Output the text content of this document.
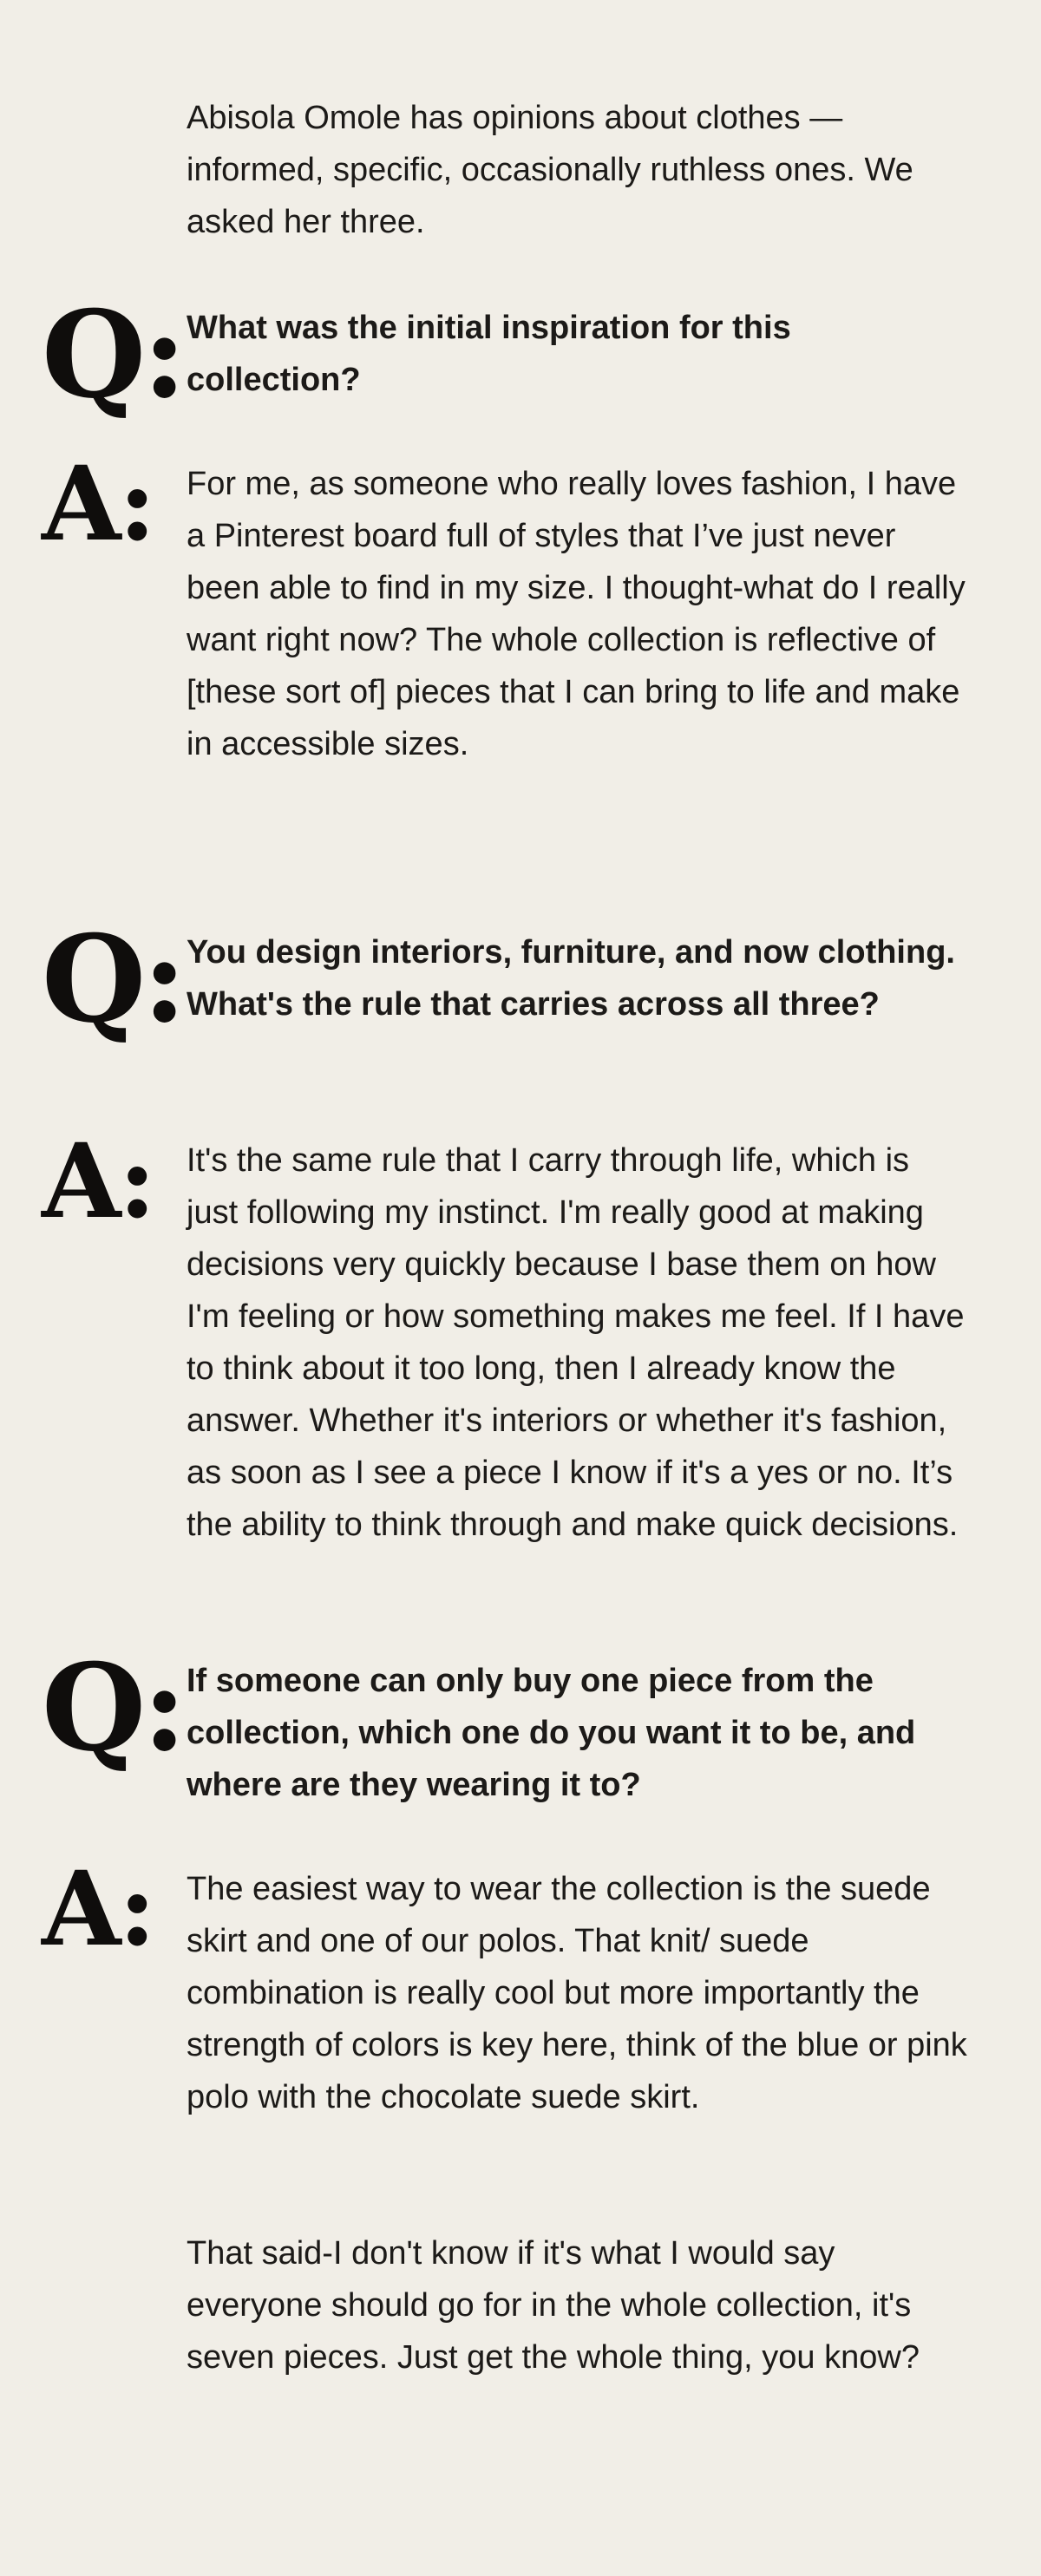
Abisola Omole has opinions about clothes — informed, specific, occasionally ruthless ones. We asked her three.

Q: What was the initial inspiration for this collection?

A: For me, as someone who really loves fashion, I have a Pinterest board full of styles that I’ve just never been able to find in my size. I thought-what do I really want right now? The whole collection is reflective of [these sort of] pieces that I can bring to life and make in accessible sizes.

Q: You design interiors, furniture, and now clothing. What's the rule that carries across all three?

A: It's the same rule that I carry through life, which is just following my instinct. I'm really good at making decisions very quickly because I base them on how I'm feeling or how something makes me feel. If I have to think about it too long, then I already know the answer. Whether it's interiors or whether it's fashion, as soon as I see a piece I know if it's a yes or no. It’s the ability to think through and make quick decisions.

Q: If someone can only buy one piece from the collection, which one do you want it to be, and where are they wearing it to?

A: The easiest way to wear the collection is the suede skirt and one of our polos. That knit/ suede combination is really cool but more importantly the strength of colors is key here, think of the blue or pink polo with the chocolate suede skirt.

That said-I don't know if it's what I would say everyone should go for in the whole collection, it's seven pieces. Just get the whole thing, you know?
